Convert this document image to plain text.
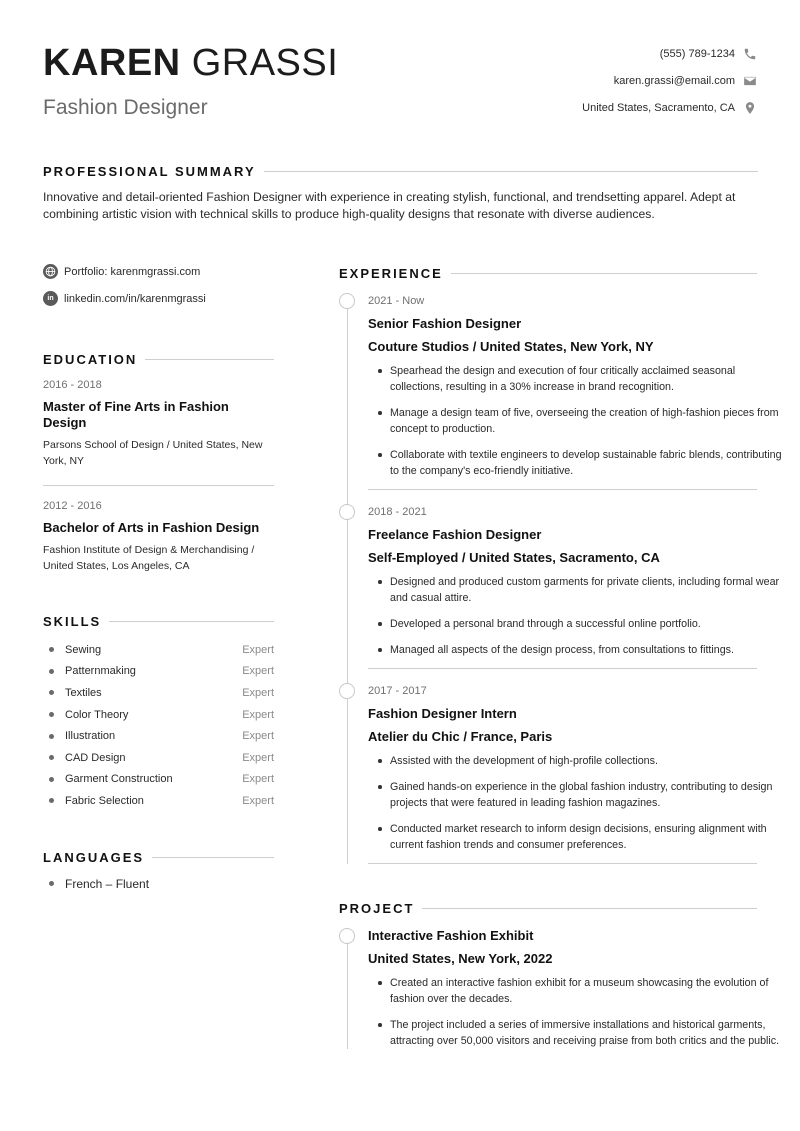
KAREN GRASSI
Fashion Designer
(555) 789-1234
karen.grassi@email.com
United States, Sacramento, CA
PROFESSIONAL SUMMARY

Innovative and detail-oriented Fashion Designer with experience in creating stylish, functional, and trendsetting apparel. Adept at combining artistic vision with technical skills to produce high-quality designs that resonate with diverse audiences.

Portfolio: karenmgrassi.com
in linkedin.com/in/karenmgrassi
EDUCATION
2016 - 2018
Master of Fine Arts in Fashion Design
Parsons School of Design / United States, New York, NY
2012 - 2016
Bachelor of Arts in Fashion Design
Fashion Institute of Design & Merchandising / United States, Los Angeles, CA
SKILLS
Sewing	Expert
Patternmaking	Expert
Textiles	Expert
Color Theory	Expert
Illustration	Expert
CAD Design	Expert
Garment Construction	Expert
Fabric Selection	Expert
LANGUAGES
French – Fluent
EXPERIENCE
2021 - Now
Senior Fashion Designer
Couture Studios / United States, New York, NY
Spearhead the design and execution of four critically acclaimed seasonal collections, resulting in a 30% increase in brand recognition.
Manage a design team of five, overseeing the creation of high-fashion pieces from concept to production.
Collaborate with textile engineers to develop sustainable fabric blends, contributing to the company's eco-friendly initiative.
2018 - 2021
Freelance Fashion Designer
Self-Employed / United States, Sacramento, CA
Designed and produced custom garments for private clients, including formal wear and casual attire.
Developed a personal brand through a successful online portfolio.
Managed all aspects of the design process, from consultations to fittings.
2017 - 2017
Fashion Designer Intern
Atelier du Chic / France, Paris
Assisted with the development of high-profile collections.
Gained hands-on experience in the global fashion industry, contributing to design projects that were featured in leading fashion magazines.
Conducted market research to inform design decisions, ensuring alignment with current fashion trends and consumer preferences.
PROJECT
Interactive Fashion Exhibit
United States, New York, 2022
Created an interactive fashion exhibit for a museum showcasing the evolution of fashion over the decades.
The project included a series of immersive installations and historical garments, attracting over 50,000 visitors and receiving praise from both critics and the public.
